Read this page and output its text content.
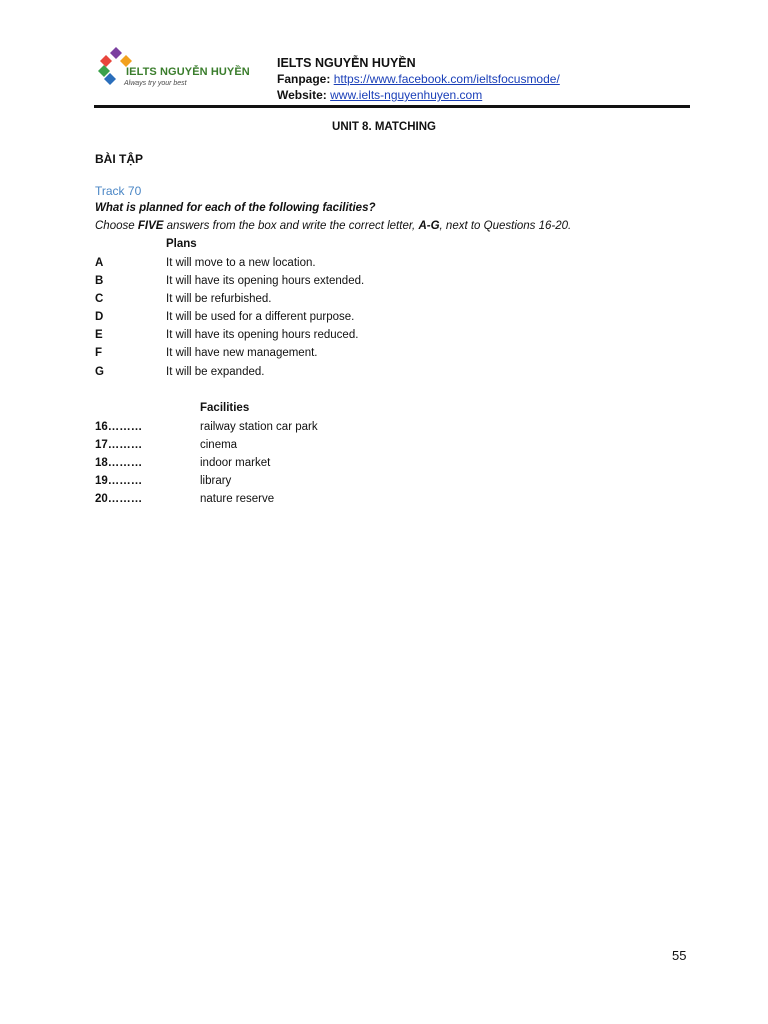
IELTS NGUYỄN HUYỀN
Always try your best
IELTS NGUYỄN HUYỀN
Fanpage: https://www.facebook.com/ieltsfocusmode/
Website: www.ielts-nguyenhuyen.com
UNIT 8. MATCHING
BÀI TẬP
Track 70
What is planned for each of the following facilities?
Choose FIVE answers from the box and write the correct letter, A-G, next to Questions 16-20.
Plans
A	It will move to a new location.
B	It will have its opening hours extended.
C	It will be refurbished.
D	It will be used for a different purpose.
E	It will have its opening hours reduced.
F	It will have new management.
G	It will be expanded.
Facilities
16………	railway station car park
17………	cinema
18………	indoor market
19………	library
20………	nature reserve
55
